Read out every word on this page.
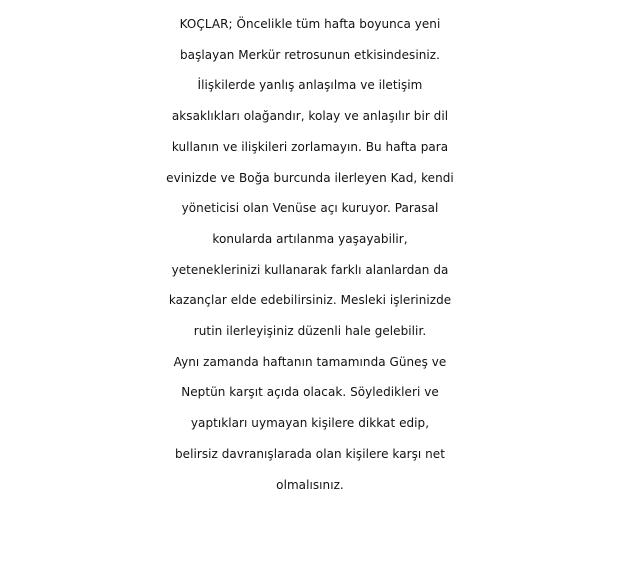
KOÇLAR; Öncelikle tüm hafta boyunca yeni
başlayan Merkür retrosunun etkisindesiniz.
İlişkilerde yanlış anlaşılma ve iletişim
aksaklıkları olağandır, kolay ve anlaşılır bir dil
kullanın ve ilişkileri zorlamayın. Bu hafta para
evinizde ve Boğa burcunda ilerleyen Kad, kendi
yöneticisi olan Venüse açı kuruyor. Parasal
konularda artılanma yaşayabilir,
yeteneklerinizi kullanarak farklı alanlardan da
kazançlar elde edebilirsiniz. Mesleki işlerinizde
rutin ilerleyişiniz düzenli hale gelebilir.
Aynı zamanda haftanın tamamında Güneş ve
Neptün karşıt açıda olacak. Söyledikleri ve
yaptıkları uymayan kişilere dikkat edip,
belirsiz davranışlarada olan kişilere karşı net
olmalısınız.
